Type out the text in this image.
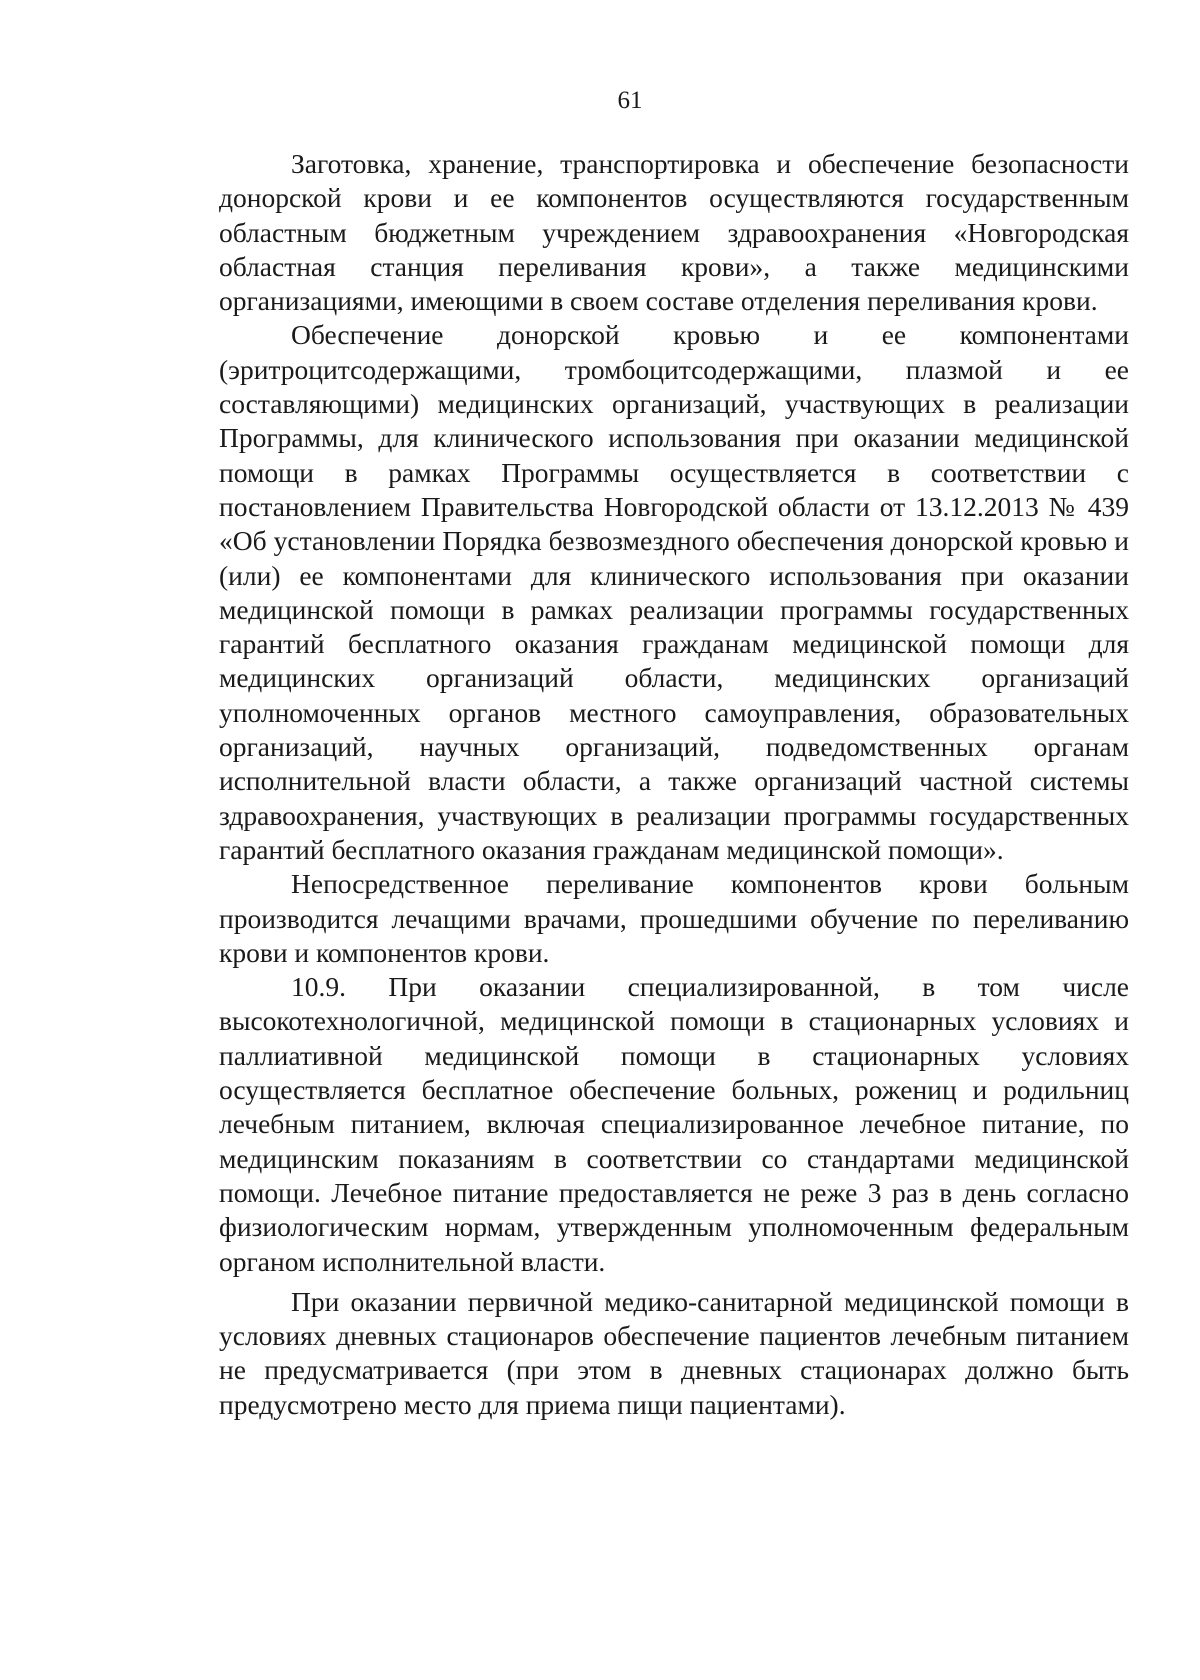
61

Заготовка, хранение, транспортировка и обеспечение безопасности донорской крови и ее компонентов осуществляются государственным областным бюджетным учреждением здравоохранения «Новгородская областная станция переливания крови», а также медицинскими организациями, имеющими в своем составе отделения переливания крови.

Обеспечение донорской кровью и ее компонентами (эритроцитсодержащими, тромбоцитсодержащими, плазмой и ее составляющими) медицинских организаций, участвующих в реализации Программы, для клинического использования при оказании медицинской помощи в рамках Программы осуществляется в соответствии с постановлением Правительства Новгородской области от 13.12.2013 № 439 «Об установлении Порядка безвозмездного обеспечения донорской кровью и (или) ее компонентами для клинического использования при оказании медицинской помощи в рамках реализации программы государственных гарантий бесплатного оказания гражданам медицинской помощи для медицинских организаций области, медицинских организаций уполномоченных органов местного самоуправления, образовательных организаций, научных организаций, подведомственных органам исполнительной власти области, а также организаций частной системы здравоохранения, участвующих в реализации программы государственных гарантий бесплатного оказания гражданам медицинской помощи».

Непосредственное переливание компонентов крови больным производится лечащими врачами, прошедшими обучение по переливанию крови и компонентов крови.

10.9. При оказании специализированной, в том числе высокотехнологичной, медицинской помощи в стационарных условиях и паллиативной медицинской помощи в стационарных условиях осуществляется бесплатное обеспечение больных, рожениц и родильниц лечебным питанием, включая специализированное лечебное питание, по медицинским показаниям в соответствии со стандартами медицинской помощи. Лечебное питание предоставляется не реже 3 раз в день согласно физиологическим нормам, утвержденным уполномоченным федеральным органом исполнительной власти.

При оказании первичной медико-санитарной медицинской помощи в условиях дневных стационаров обеспечение пациентов лечебным питанием не предусматривается (при этом в дневных стационарах должно быть предусмотрено место для приема пищи пациентами).
